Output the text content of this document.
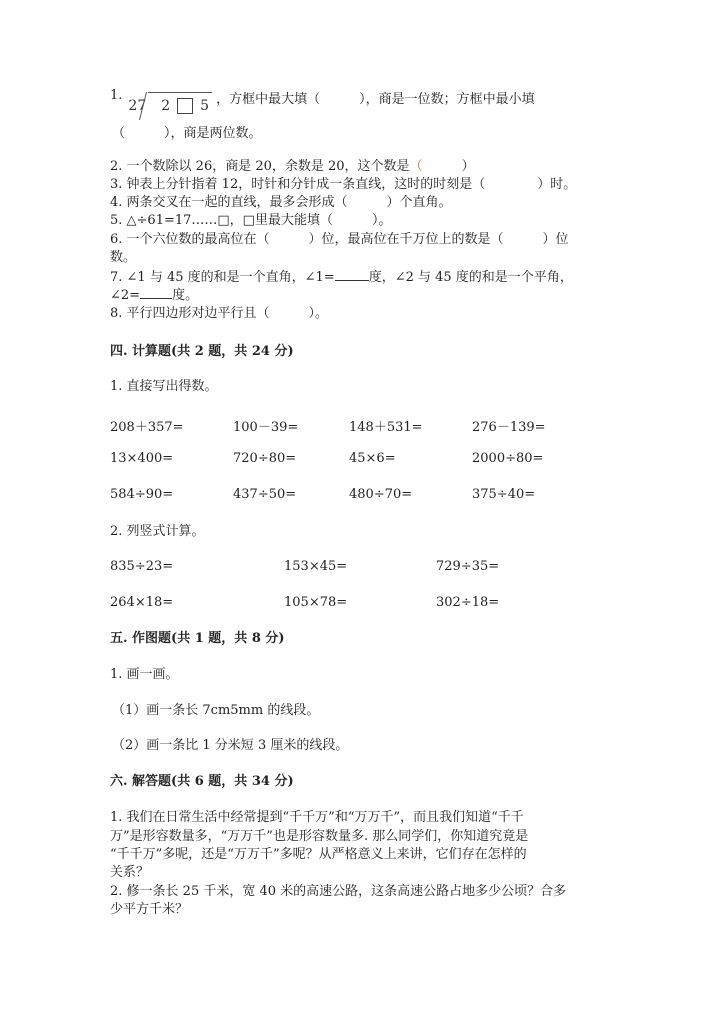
1.
27 2 5 ，方框中最大填（　　　），商是一位数；方框中最小填
（　　　），商是两位数。
2. 一个数除以 26，商是 20，余数是 20，这个数是（　　　）
3. 钟表上分针指着 12，时针和分针成一条直线，这时的时刻是（　　　　）时。
4. 两条交叉在一起的直线，最多会形成（　　　）个直角。
5. △÷61=17……□，□里最大能填（　　　）。
6. 一个六位数的最高位在（　　　）位，最高位在千万位上的数是（　　　）位
数。
7. ∠1 与 45 度的和是一个直角，∠1=	度，∠2 与 45 度的和是一个平角，
∠2= 度。
8. 平行四边形对边平行且（　　　）。
四. 计算题(共 2 题，共 24 分)
1. 直接写出得数。
208＋357=	100－39=	148＋531=	276－139=
13×400=	720÷80=	45×6=	2000÷80=
584÷90=	437÷50=	480÷70=	375÷40=
2. 列竖式计算。
835÷23=	153×45=	729÷35=
264×18=	105×78=	302÷18=
五. 作图题(共 1 题，共 8 分)
1. 画一画。
（1）画一条长 7cm5mm 的线段。
（2）画一条比 1 分米短 3 厘米的线段。
六. 解答题(共 6 题，共 34 分)
1. 我们在日常生活中经常提到“千千万”和“万万千”，而且我们知道“千千
万”是形容数量多，“万万千”也是形容数量多. 那么同学们，你知道究竟是
“千千万”多呢，还是“万万千”多呢？从严格意义上来讲，它们存在怎样的
关系？
2. 修一条长 25 千米，宽 40 米的高速公路，这条高速公路占地多少公顷？合多
少平方千米？
